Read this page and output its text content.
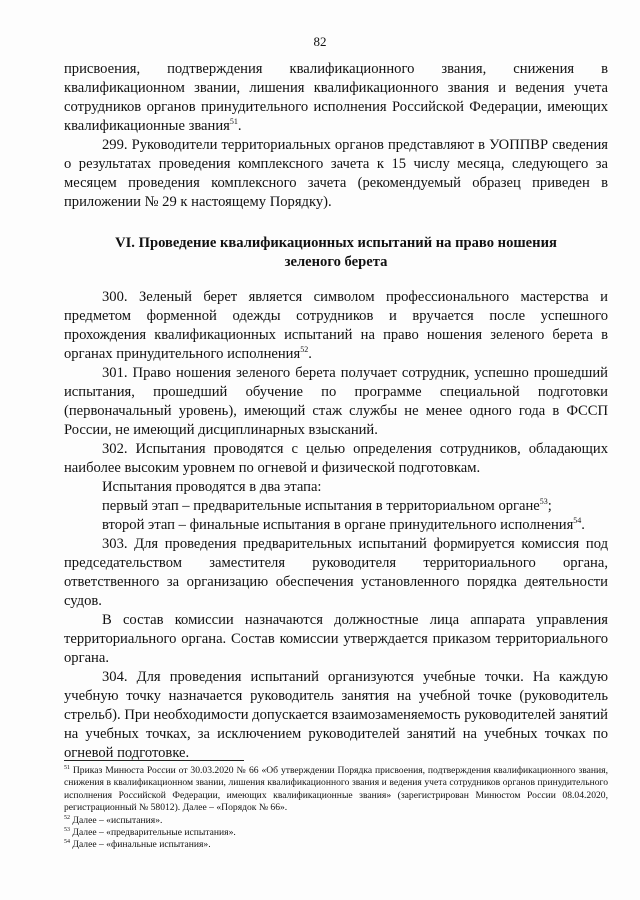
82

присвоения, подтверждения квалификационного звания, снижения в квалификационном звании, лишения квалификационного звания и ведения учета сотрудников органов принудительного исполнения Российской Федерации, имеющих квалификационные звания$^{51}$.

299. Руководители территориальных органов представляют в УОППВР сведения о результатах проведения комплексного зачета к 15 числу месяца, следующего за месяцем проведения комплексного зачета (рекомендуемый образец приведен в приложении № 29 к настоящему Порядку).

VI. Проведение квалификационных испытаний на право ношения
зеленого берета

300. Зеленый берет является символом профессионального мастерства и предметом форменной одежды сотрудников и вручается после успешного прохождения квалификационных испытаний на право ношения зеленого берета в органах принудительного исполнения$^{52}$.

301. Право ношения зеленого берета получает сотрудник, успешно прошедший испытания, прошедший обучение по программе специальной подготовки (первоначальный уровень), имеющий стаж службы не менее одного года в ФССП России, не имеющий дисциплинарных взысканий.

302. Испытания проводятся с целью определения сотрудников, обладающих наиболее высоким уровнем по огневой и физической подготовкам.

Испытания проводятся в два этапа:

первый этап – предварительные испытания в территориальном органе$^{53}$;

второй этап – финальные испытания в органе принудительного исполнения$^{54}$.

303. Для проведения предварительных испытаний формируется комиссия под председательством заместителя руководителя территориального органа, ответственного за организацию обеспечения установленного порядка деятельности судов.

В состав комиссии назначаются должностные лица аппарата управления территориального органа. Состав комиссии утверждается приказом территориального органа.

304. Для проведения испытаний организуются учебные точки. На каждую учебную точку назначается руководитель занятия на учебной точке (руководитель стрельб). При необходимости допускается взаимозаменяемость руководителей занятий на учебных точках, за исключением руководителей занятий на учебных точках по огневой подготовке.

$^{51}$ Приказ Минюста России от 30.03.2020 № 66 «Об утверждении Порядка присвоения, подтверждения квалификационного звания, снижения в квалификационном звании, лишения квалификационного звания и ведения учета сотрудников органов принудительного исполнения Российской Федерации, имеющих квалификационные звания» (зарегистрирован Минюстом России 08.04.2020, регистрационный № 58012). Далее – «Порядок № 66».

$^{52}$ Далее – «испытания».

$^{53}$ Далее – «предварительные испытания».

$^{54}$ Далее – «финальные испытания».
